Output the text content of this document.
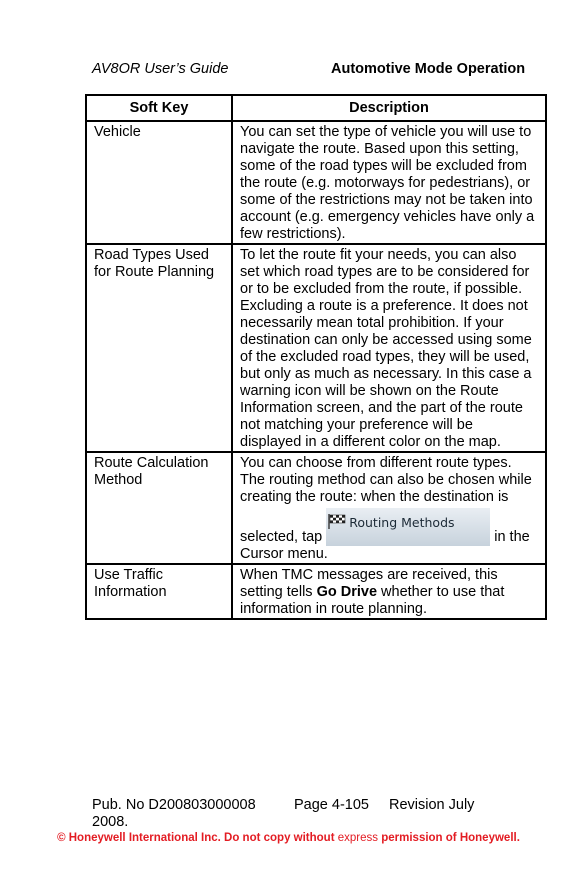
AV8OR User’s Guide	Automotive Mode Operation
Soft Key	Description
Vehicle	You can set the type of vehicle you will use to navigate the route. Based upon this setting, some of the road types will be excluded from the route (e.g. motorways for pedestrians), or some of the restrictions may not be taken into account (e.g. emergency vehicles have only a few restrictions).
Road Types Used for Route Planning	To let the route fit your needs, you can also set which road types are to be considered for or to be excluded from the route, if possible. Excluding a route is a preference. It does not necessarily mean total prohibition. If your destination can only be accessed using some of the excluded road types, they will be used, but only as much as necessary. In this case a warning icon will be shown on the Route Information screen, and the part of the route not matching your preference will be displayed in a different color on the map.
Route Calculation Method	You can choose from different route types. The routing method can also be chosen while creating the route: when the destination is
selected, tap
Routing Methods
in the
Cursor menu.

Use Traffic Information	When TMC messages are received, this setting tells Go Drive whether to use that information in route planning.
Pub. No D200803000008	Page 4-105 Revision July
2008.
© Honeywell International Inc. Do not copy without express permission of Honeywell.
